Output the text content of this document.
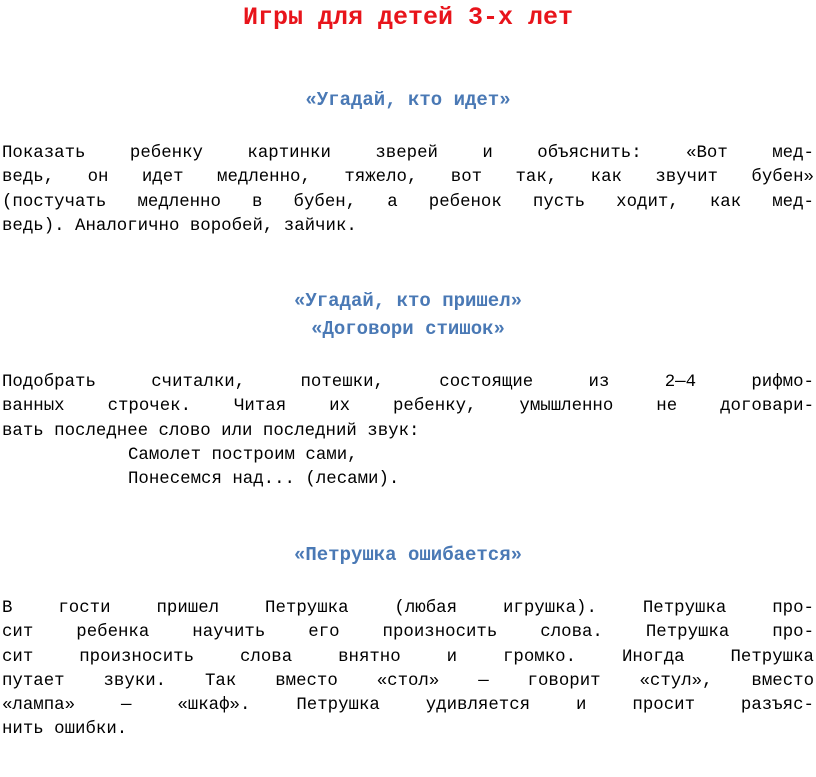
Игры для детей 3-х лет
«Угадай, кто идет»
Показать ребенку картинки зверей и объяснить: «Вот мед-
ведь, он идет медленно, тяжело, вот так, как звучит бубен»
(постучать медленно в бубен, а ребенок пусть ходит, как мед-
ведь). Аналогично воробей, зайчик.
«Угадай, кто пришел»
«Договори стишок»
Подобрать считалки, потешки, состоящие из 2—4 рифмо-
ванных строчек. Читая их ребенку, умышленно не договари-
вать последнее слово или последний звук:
Самолет построим сами,
Понесемся над... (лесами).
«Петрушка ошибается»
В гости пришел Петрушка (любая игрушка). Петрушка про-
сит ребенка научить его произносить слова. Петрушка про-
сит произносить слова внятно и громко. Иногда Петрушка
путает звуки. Так вместо «стол» — говорит «стул», вместо
«лампа» — «шкаф». Петрушка удивляется и просит разъяс-
нить ошибки.
